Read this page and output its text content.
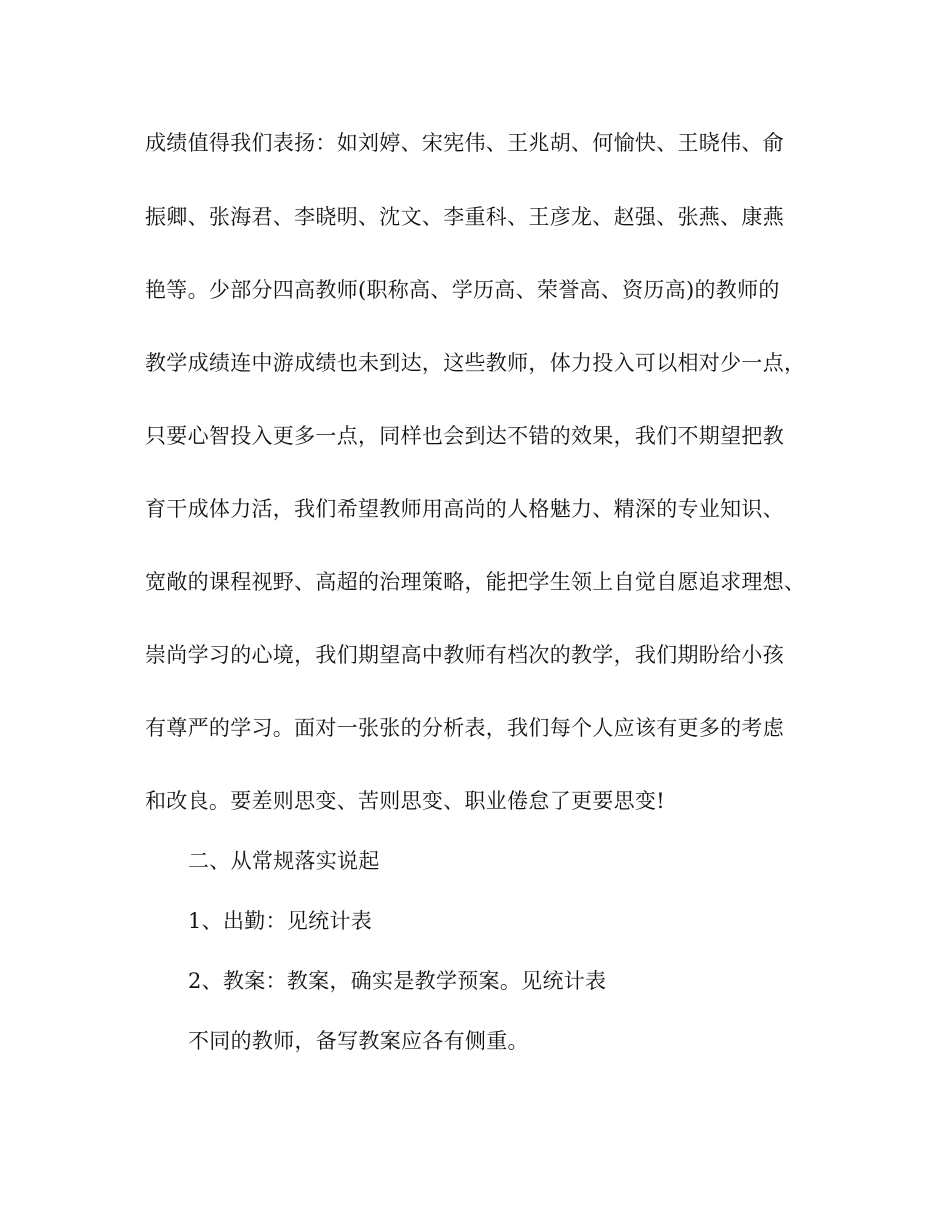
成绩值得我们表扬：如刘婷、宋宪伟、王兆胡、何愉快、王晓伟、俞
振卿、张海君、李晓明、沈文、李重科、王彦龙、赵强、张燕、康燕
艳等。少部分四高教师(职称高、学历高、荣誉高、资历高)的教师的
教学成绩连中游成绩也未到达，这些教师，体力投入可以相对少一点，
只要心智投入更多一点，同样也会到达不错的效果，我们不期望把教
育干成体力活，我们希望教师用高尚的人格魅力、精深的专业知识、
宽敞的课程视野、高超的治理策略，能把学生领上自觉自愿追求理想、
崇尚学习的心境，我们期望高中教师有档次的教学，我们期盼给小孩
有尊严的学习。面对一张张的分析表，我们每个人应该有更多的考虑
和改良。要差则思变、苦则思变、职业倦怠了更要思变!
二、从常规落实说起
1、出勤：见统计表
2、教案：教案，确实是教学预案。见统计表
不同的教师，备写教案应各有侧重。
